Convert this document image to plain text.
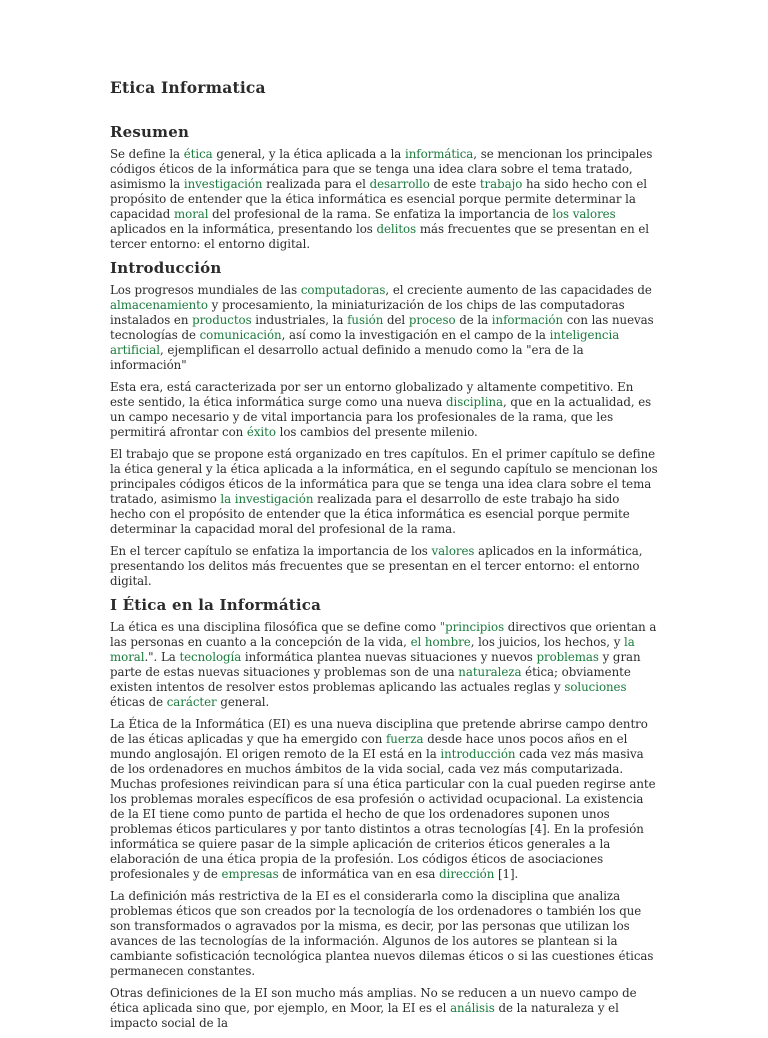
Etica Informatica
Resumen

Se define la ética general, y la ética aplicada a la informática, se mencionan los principales códigos éticos de la informática para que se tenga una idea clara sobre el tema tratado, asimismo la investigación realizada para el desarrollo de este trabajo ha sido hecho con el propósito de entender que la ética informática es esencial porque permite determinar la capacidad moral del profesional de la rama. Se enfatiza la importancia de los valores aplicados en la informática, presentando los delitos más frecuentes que se presentan en el tercer entorno: el entorno digital.

Introducción

Los progresos mundiales de las computadoras, el creciente aumento de las capacidades de almacenamiento y procesamiento, la miniaturización de los chips de las computadoras instalados en productos industriales, la fusión del proceso de la información con las nuevas tecnologías de comunicación, así como la investigación en el campo de la inteligencia artificial, ejemplifican el desarrollo actual definido a menudo como la "era de la información"

Esta era, está caracterizada por ser un entorno globalizado y altamente competitivo. En este sentido, la ética informática surge como una nueva disciplina, que en la actualidad, es un campo necesario y de vital importancia para los profesionales de la rama, que les permitirá afrontar con éxito los cambios del presente milenio.

El trabajo que se propone está organizado en tres capítulos. En el primer capítulo se define la ética general y la ética aplicada a la informática, en el segundo capítulo se mencionan los principales códigos éticos de la informática para que se tenga una idea clara sobre el tema tratado, asimismo la investigación realizada para el desarrollo de este trabajo ha sido hecho con el propósito de entender que la ética informática es esencial porque permite determinar la capacidad moral del profesional de la rama.

En el tercer capítulo se enfatiza la importancia de los valores aplicados en la informática, presentando los delitos más frecuentes que se presentan en el tercer entorno: el entorno digital.

I Ética en la Informática

La ética es una disciplina filosófica que se define como "principios directivos que orientan a las personas en cuanto a la concepción de la vida, el hombre, los juicios, los hechos, y la moral.". La tecnología informática plantea nuevas situaciones y nuevos problemas y gran parte de estas nuevas situaciones y problemas son de una naturaleza ética; obviamente existen intentos de resolver estos problemas aplicando las actuales reglas y soluciones éticas de carácter general.

La Ética de la Informática (EI) es una nueva disciplina que pretende abrirse campo dentro de las éticas aplicadas y que ha emergido con fuerza desde hace unos pocos años en el mundo anglosajón. El origen remoto de la EI está en la introducción cada vez más masiva de los ordenadores en muchos ámbitos de la vida social, cada vez más computarizada. Muchas profesiones reivindican para sí una ética particular con la cual pueden regirse ante los problemas morales específicos de esa profesión o actividad ocupacional. La existencia de la EI tiene como punto de partida el hecho de que los ordenadores suponen unos problemas éticos particulares y por tanto distintos a otras tecnologías [4]. En la profesión informática se quiere pasar de la simple aplicación de criterios éticos generales a la elaboración de una ética propia de la profesión. Los códigos éticos de asociaciones profesionales y de empresas de informática van en esa dirección [1].

La definición más restrictiva de la EI es el considerarla como la disciplina que analiza problemas éticos que son creados por la tecnología de los ordenadores o también los que son transformados o agravados por la misma, es decir, por las personas que utilizan los avances de las tecnologías de la información. Algunos de los autores se plantean si la cambiante sofisticación tecnológica plantea nuevos dilemas éticos o si las cuestiones éticas permanecen constantes.

Otras definiciones de la EI son mucho más amplias. No se reducen a un nuevo campo de ética aplicada sino que, por ejemplo, en Moor, la EI es el análisis de la naturaleza y el impacto social de la
